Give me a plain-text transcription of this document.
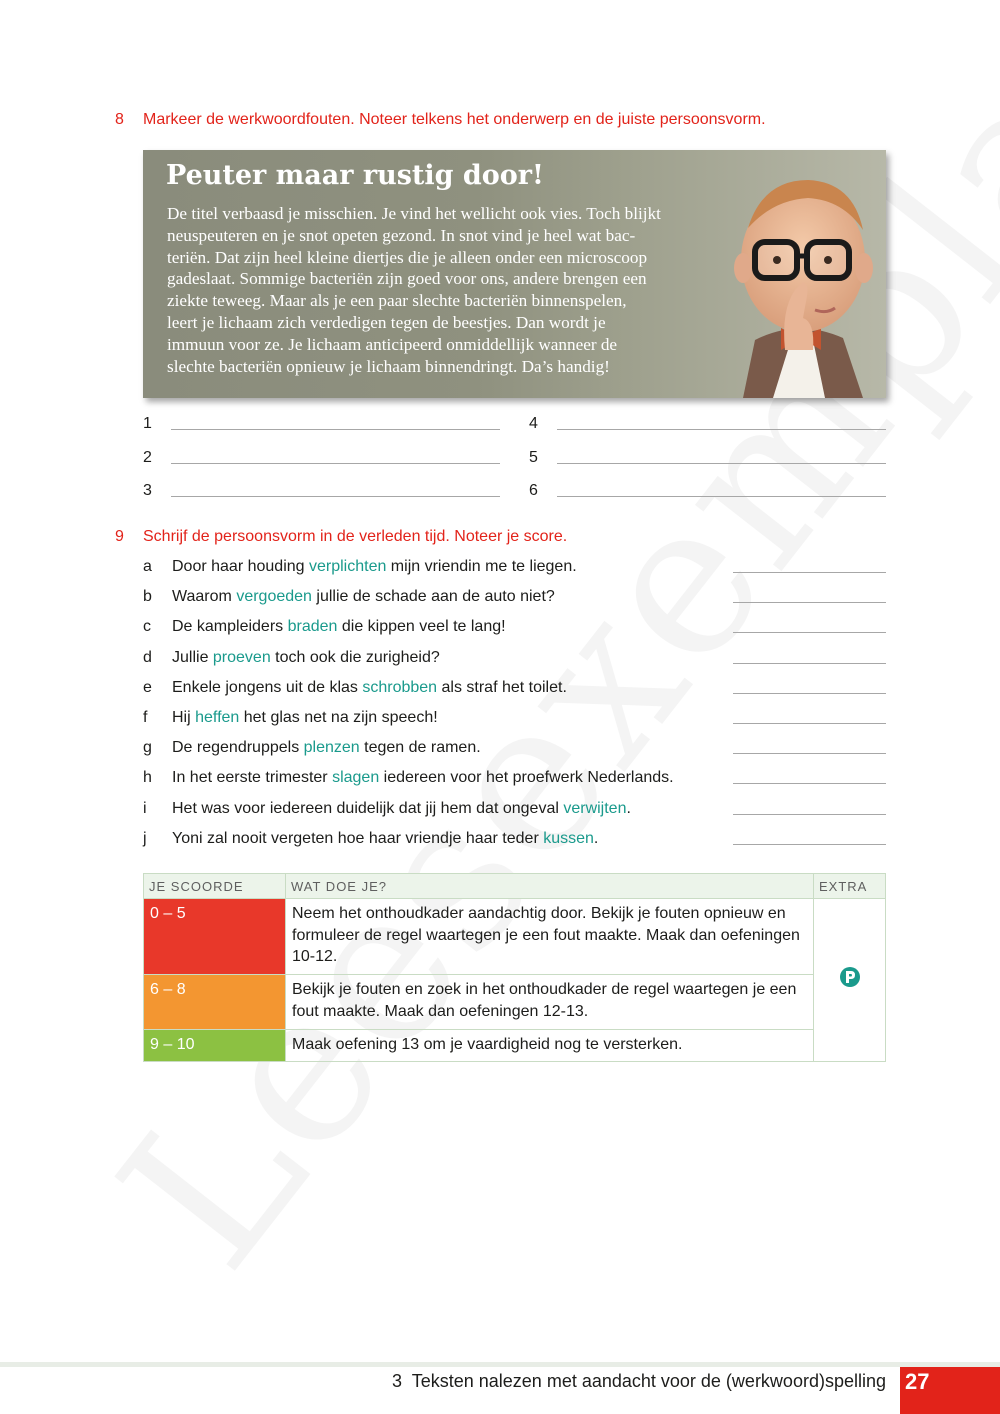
8 Markeer de werkwoordfouten. Noteer telkens het onderwerp en de juiste persoonsvorm.
Peuter maar rustig door!
De titel verbaasd je misschien. Je vind het wellicht ook vies. Toch blijkt
neuspeuteren en je snot opeten gezond. In snot vind je heel wat bac-
teriën. Dat zijn heel kleine diertjes die je alleen onder een microscoop
gadeslaat. Sommige bacteriën zijn goed voor ons, andere brengen een
ziekte teweeg. Maar als je een paar slechte bacteriën binnenspelen,
leert je lichaam zich verdedigen tegen de beestjes. Dan wordt je
immuun voor ze. Je lichaam anticipeerd onmiddellijk wanneer de
slechte bacteriën opnieuw je lichaam binnendringt. Da’s handig!
1
2
3
4
5
6
9 Schrijf de persoonsvorm in de verleden tijd. Noteer je score.
a Door haar houding verplichten mijn vriendin me te liegen.
b Waarom vergoeden jullie de schade aan de auto niet?
c De kampleiders braden die kippen veel te lang!
d Jullie proeven toch ook die zurigheid?
e Enkele jongens uit de klas schrobben als straf het toilet.
f Hij heffen het glas net na zijn speech!
g De regendruppels plenzen tegen de ramen.
h In het eerste trimester slagen iedereen voor het proefwerk Nederlands.
i Het was voor iedereen duidelijk dat jij hem dat ongeval verwijten.
j Yoni zal nooit vergeten hoe haar vriendje haar teder kussen.
JE SCOORDE	WAT DOE JE?	EXTRA
0 – 5	Neem het onthoudkader aandachtig door. Bekijk je fouten opnieuw en formuleer de regel waartegen je een fout maakte. Maak dan oefeningen 10-12.	
6 – 8	Bekijk je fouten en zoek in het onthoudkader de regel waartegen je een fout maakte. Maak dan oefeningen 12-13.	
9 – 10	Maak oefening 13 om je vaardigheid nog te versterken.	
3  Teksten nalezen met aandacht voor de (werkwoord)spelling 27
